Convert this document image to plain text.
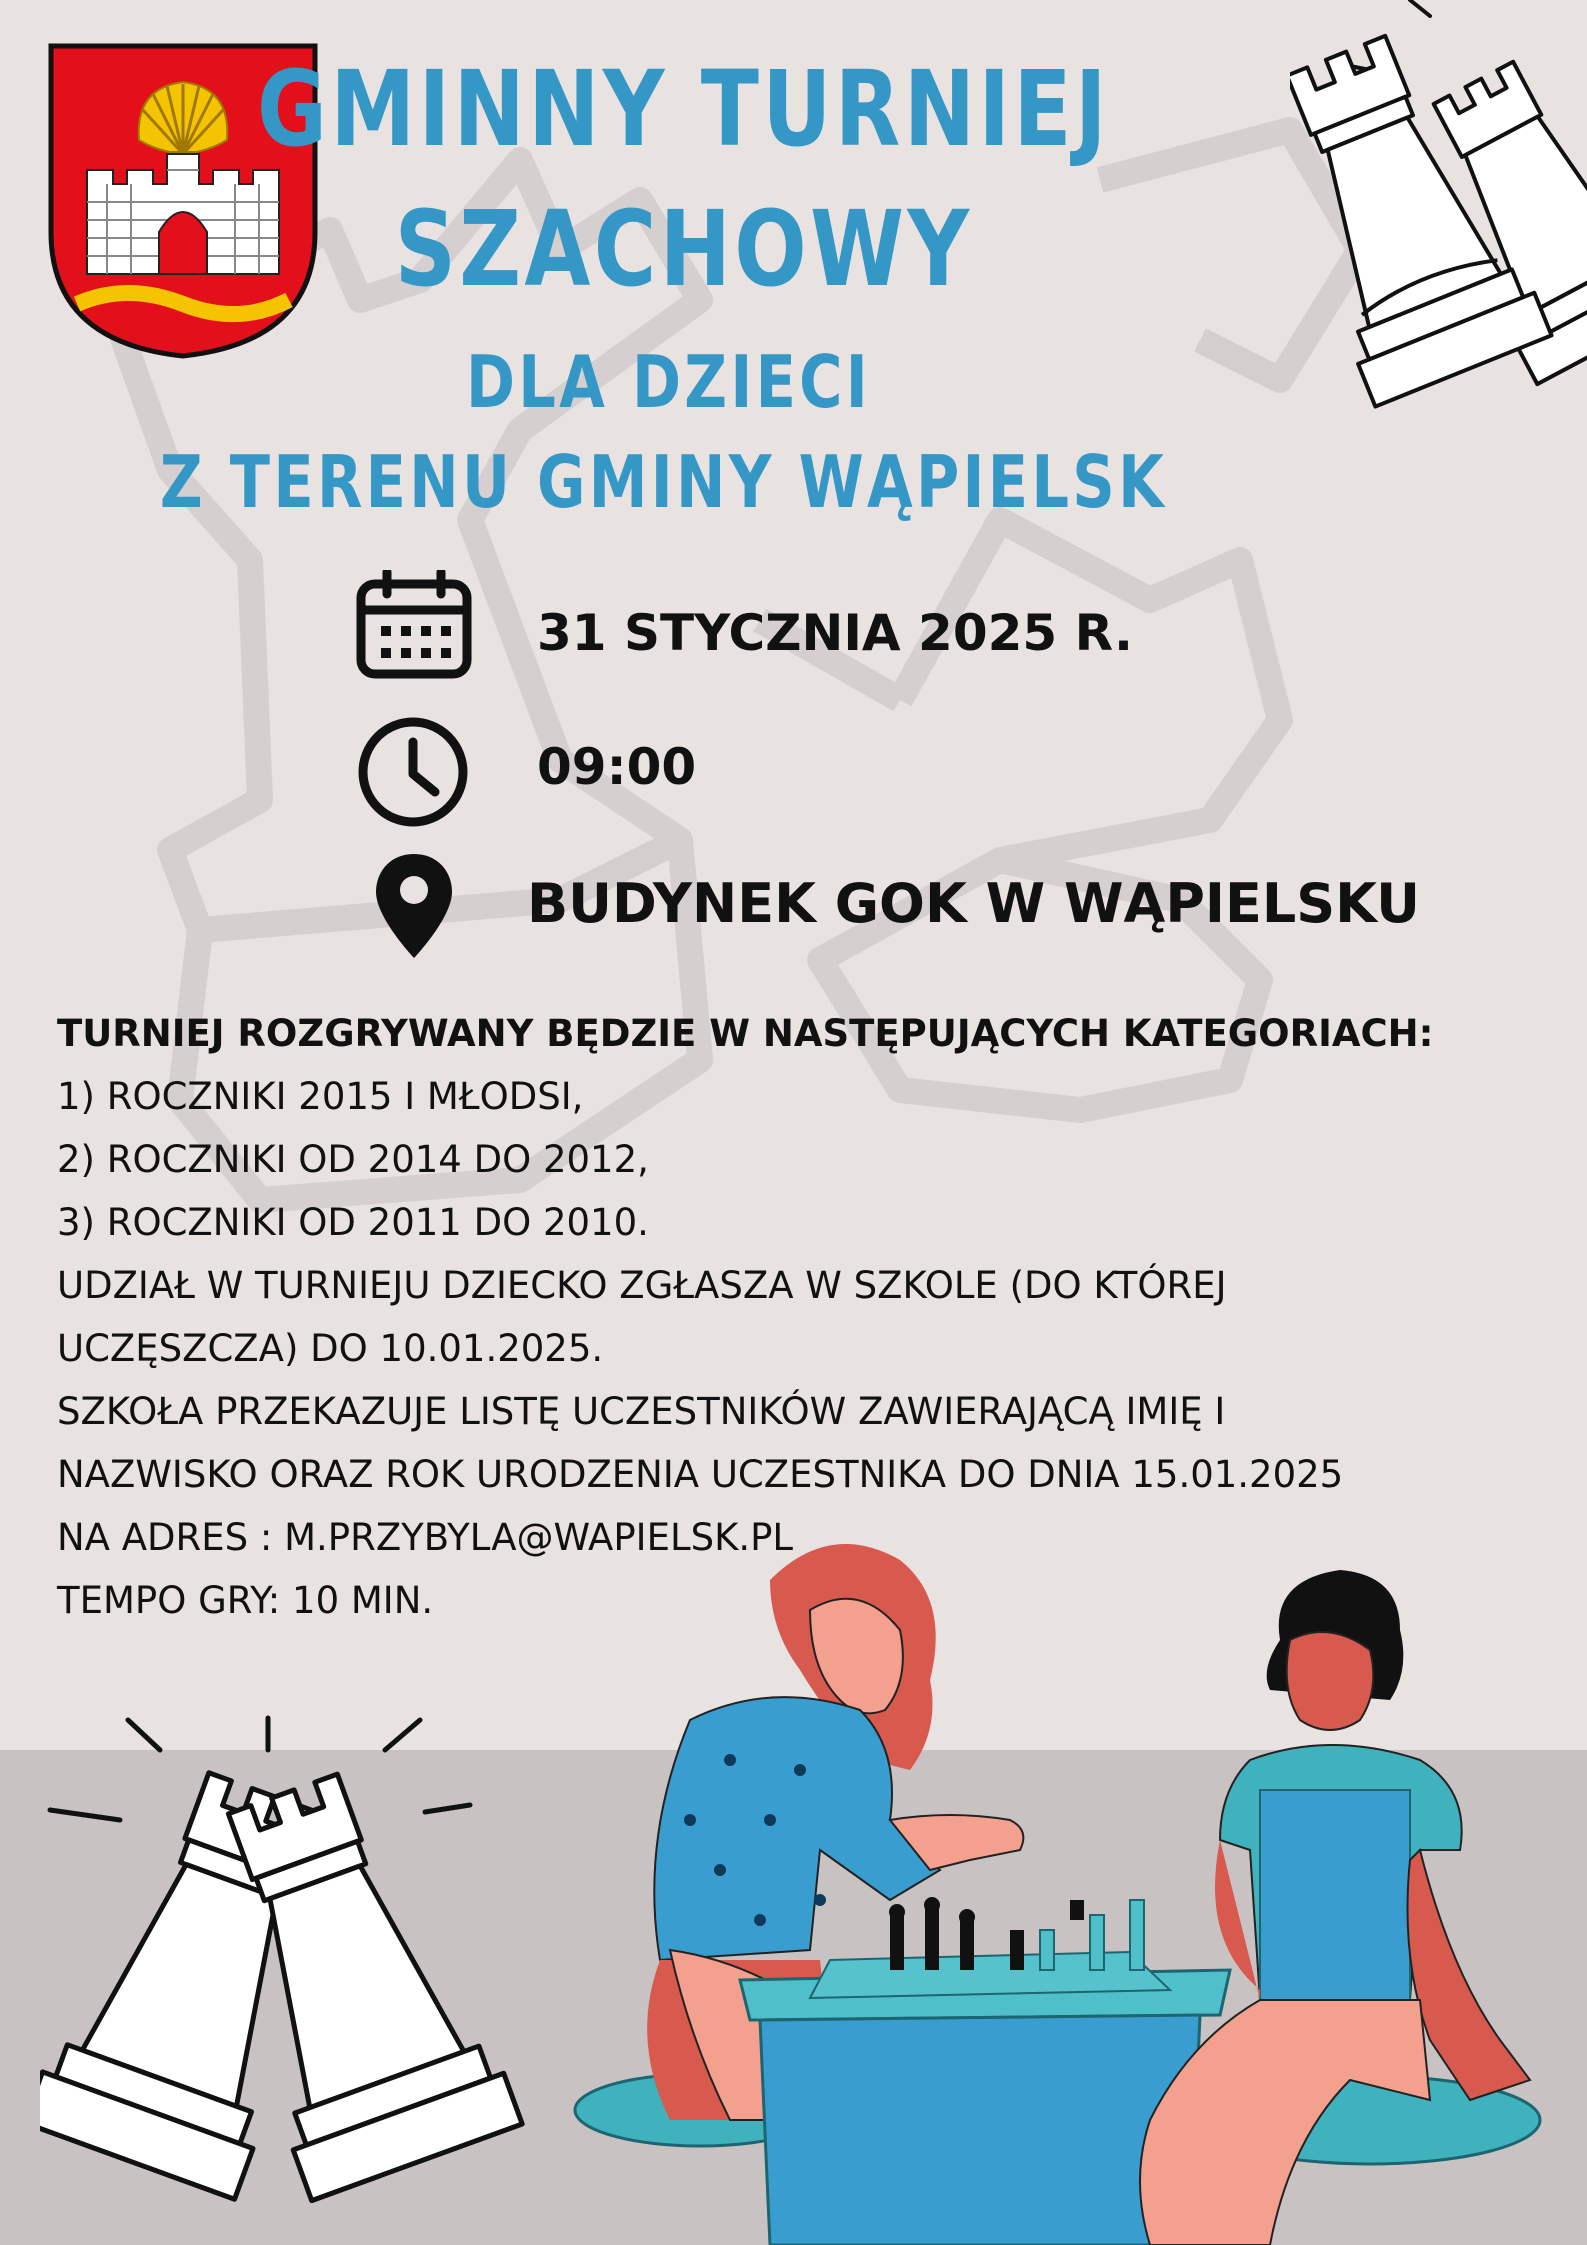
GMINNY TURNIEJ
SZACHOWY
DLA DZIECI
Z TERENU GMINY WĄPIELSK
31 STYCZNIA 2025 R.
09:00
BUDYNEK GOK W WĄPIELSKU

TURNIEJ ROZGRYWANY BĘDZIE W NASTĘPUJĄCYCH KATEGORIACH:

1) ROCZNIKI 2015 I MŁODSI,

2) ROCZNIKI OD 2014 DO 2012,

3) ROCZNIKI OD 2011 DO 2010.

UDZIAŁ W TURNIEJU DZIECKO ZGŁASZA W SZKOLE (DO KTÓREJ

UCZĘSZCZA) DO 10.01.2025.

SZKOŁA PRZEKAZUJE LISTĘ UCZESTNIKÓW ZAWIERAJĄCĄ IMIĘ I

NAZWISKO ORAZ ROK URODZENIA UCZESTNIKA DO DNIA 15.01.2025

NA ADRES : M.PRZYBYLA@WAPIELSK.PL

TEMPO GRY: 10 MIN.
